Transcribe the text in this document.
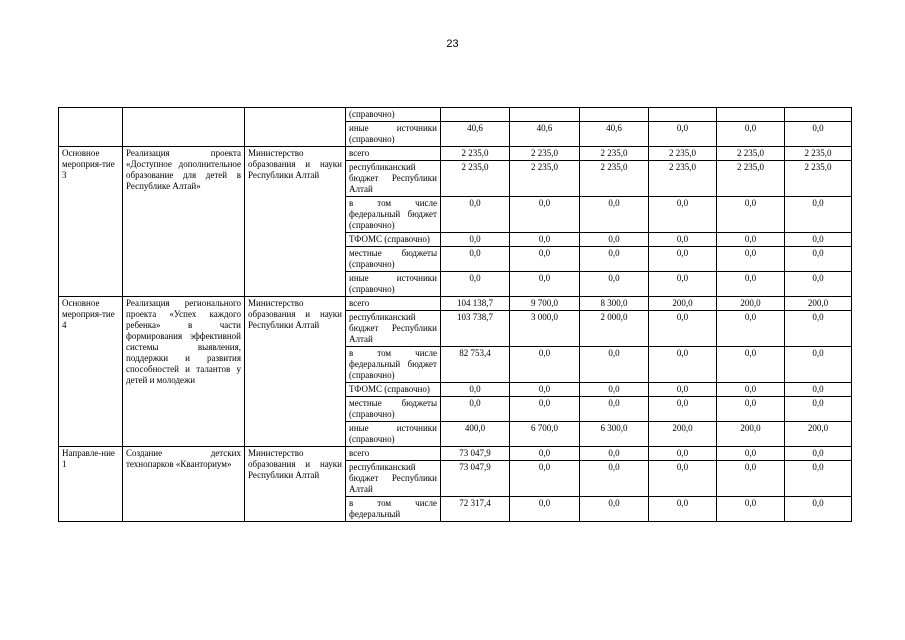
23
			(справочно)						
			иные источники (справочно)	40,6	40,6	40,6	0,0	0,0	0,0
Основное мероприя-тие 3	Реализация проекта «Доступное дополнительное образование для детей в Республике Алтай»	Министерство образования и науки Республики Алтай	всего	2 235,0	2 235,0	2 235,0	2 235,0	2 235,0	2 235,0
			республиканский бюджет Республики Алтай	2 235,0	2 235,0	2 235,0	2 235,0	2 235,0	2 235,0
			в том числе федеральный бюджет (справочно)	0,0	0,0	0,0	0,0	0,0	0,0
			ТФОМС (справочно)	0,0	0,0	0,0	0,0	0,0	0,0
			местные бюджеты (справочно)	0,0	0,0	0,0	0,0	0,0	0,0
			иные источники (справочно)	0,0	0,0	0,0	0,0	0,0	0,0
Основное мероприя-тие 4	Реализация регионального проекта «Успех каждого ребенка» в части формирования эффективной системы выявления, поддержки и развития способностей и талантов у детей и молодежи	Министерство образования и науки Республики Алтай	всего	104 138,7	9 700,0	8 300,0	200,0	200,0	200,0
			республиканский бюджет Республики Алтай	103 738,7	3 000,0	2 000,0	0,0	0,0	0,0
			в том числе федеральный бюджет (справочно)	82 753,4	0,0	0,0	0,0	0,0	0,0
			ТФОМС (справочно)	0,0	0,0	0,0	0,0	0,0	0,0
			местные бюджеты (справочно)	0,0	0,0	0,0	0,0	0,0	0,0
			иные источники (справочно)	400,0	6 700,0	6 300,0	200,0	200,0	200,0
Направле-ние 1	Создание детских технопарков «Кванториум»	Министерство образования и науки Республики Алтай	всего	73 047,9	0,0	0,0	0,0	0,0	0,0
			республиканский бюджет Республики Алтай	73 047,9	0,0	0,0	0,0	0,0	0,0
			в том числе федеральный	72 317,4	0,0	0,0	0,0	0,0	0,0
